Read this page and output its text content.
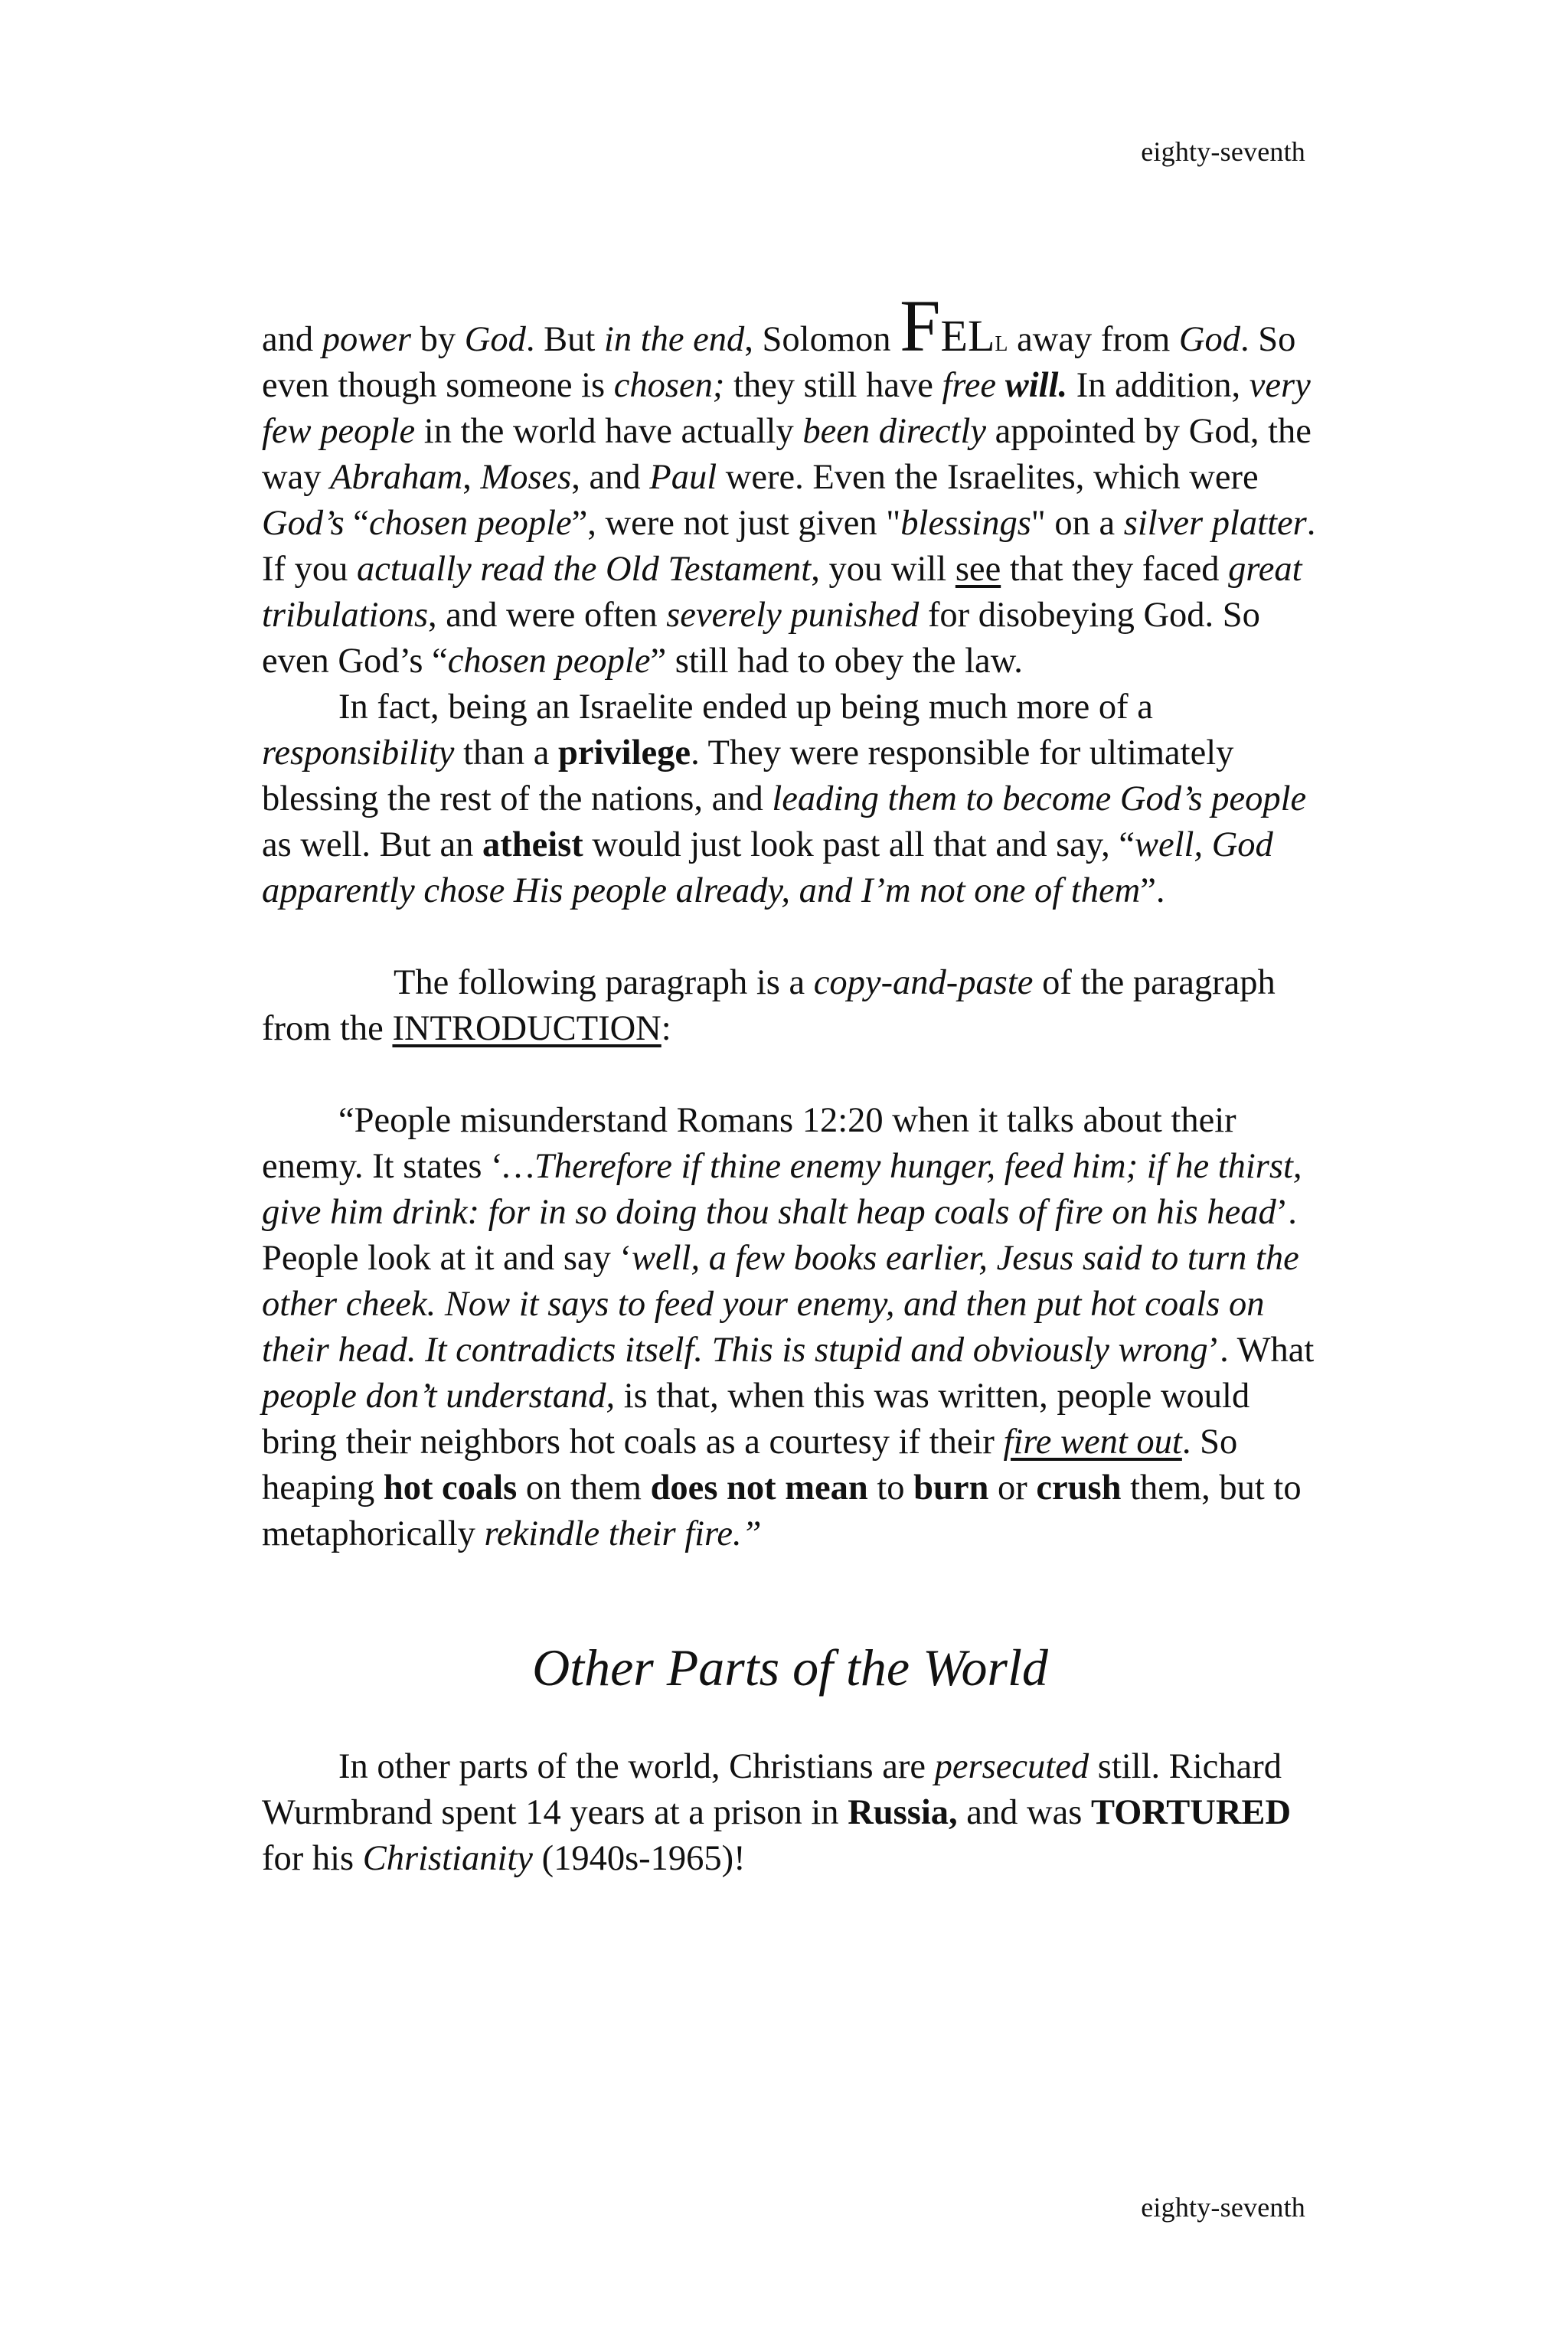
eighty-seventh

and power by God. But in the end, Solomon FELL away from God. So even though someone is chosen; they still have free will. In addition, very few people in the world have actually been directly appointed by God, the way Abraham, Moses, and Paul were. Even the Israelites, which were God’s “chosen people”, were not just given "blessings" on a silver platter. If you actually read the Old Testament, you will see that they faced great tribulations, and were often severely punished for disobeying God. So even God’s “chosen people” still had to obey the law.

In fact, being an Israelite ended up being much more of a responsibility than a privilege. They were responsible for ultimately blessing the rest of the nations, and leading them to become God’s people as well. But an atheist would just look past all that and say, “well, God apparently chose His people already, and I’m not one of them”.

The following paragraph is a copy-and-paste of the paragraph from the INTRODUCTION:

“People misunderstand Romans 12:20 when it talks about their enemy. It states ‘…Therefore if thine enemy hunger, feed him; if he thirst, give him drink: for in so doing thou shalt heap coals of fire on his head’. People look at it and say ‘well, a few books earlier, Jesus said to turn the other cheek. Now it says to feed your enemy, and then put hot coals on their head. It contradicts itself. This is stupid and obviously wrong’. What people don’t understand, is that, when this was written, people would bring their neighbors hot coals as a courtesy if their fire went out. So heaping hot coals on them does not mean to burn or crush them, but to metaphorically rekindle their fire.”

Other Parts of the World

In other parts of the world, Christians are persecuted still. Richard Wurmbrand spent 14 years at a prison in Russia, and was TORTURED for his Christianity (1940s-1965)!

eighty-seventh
